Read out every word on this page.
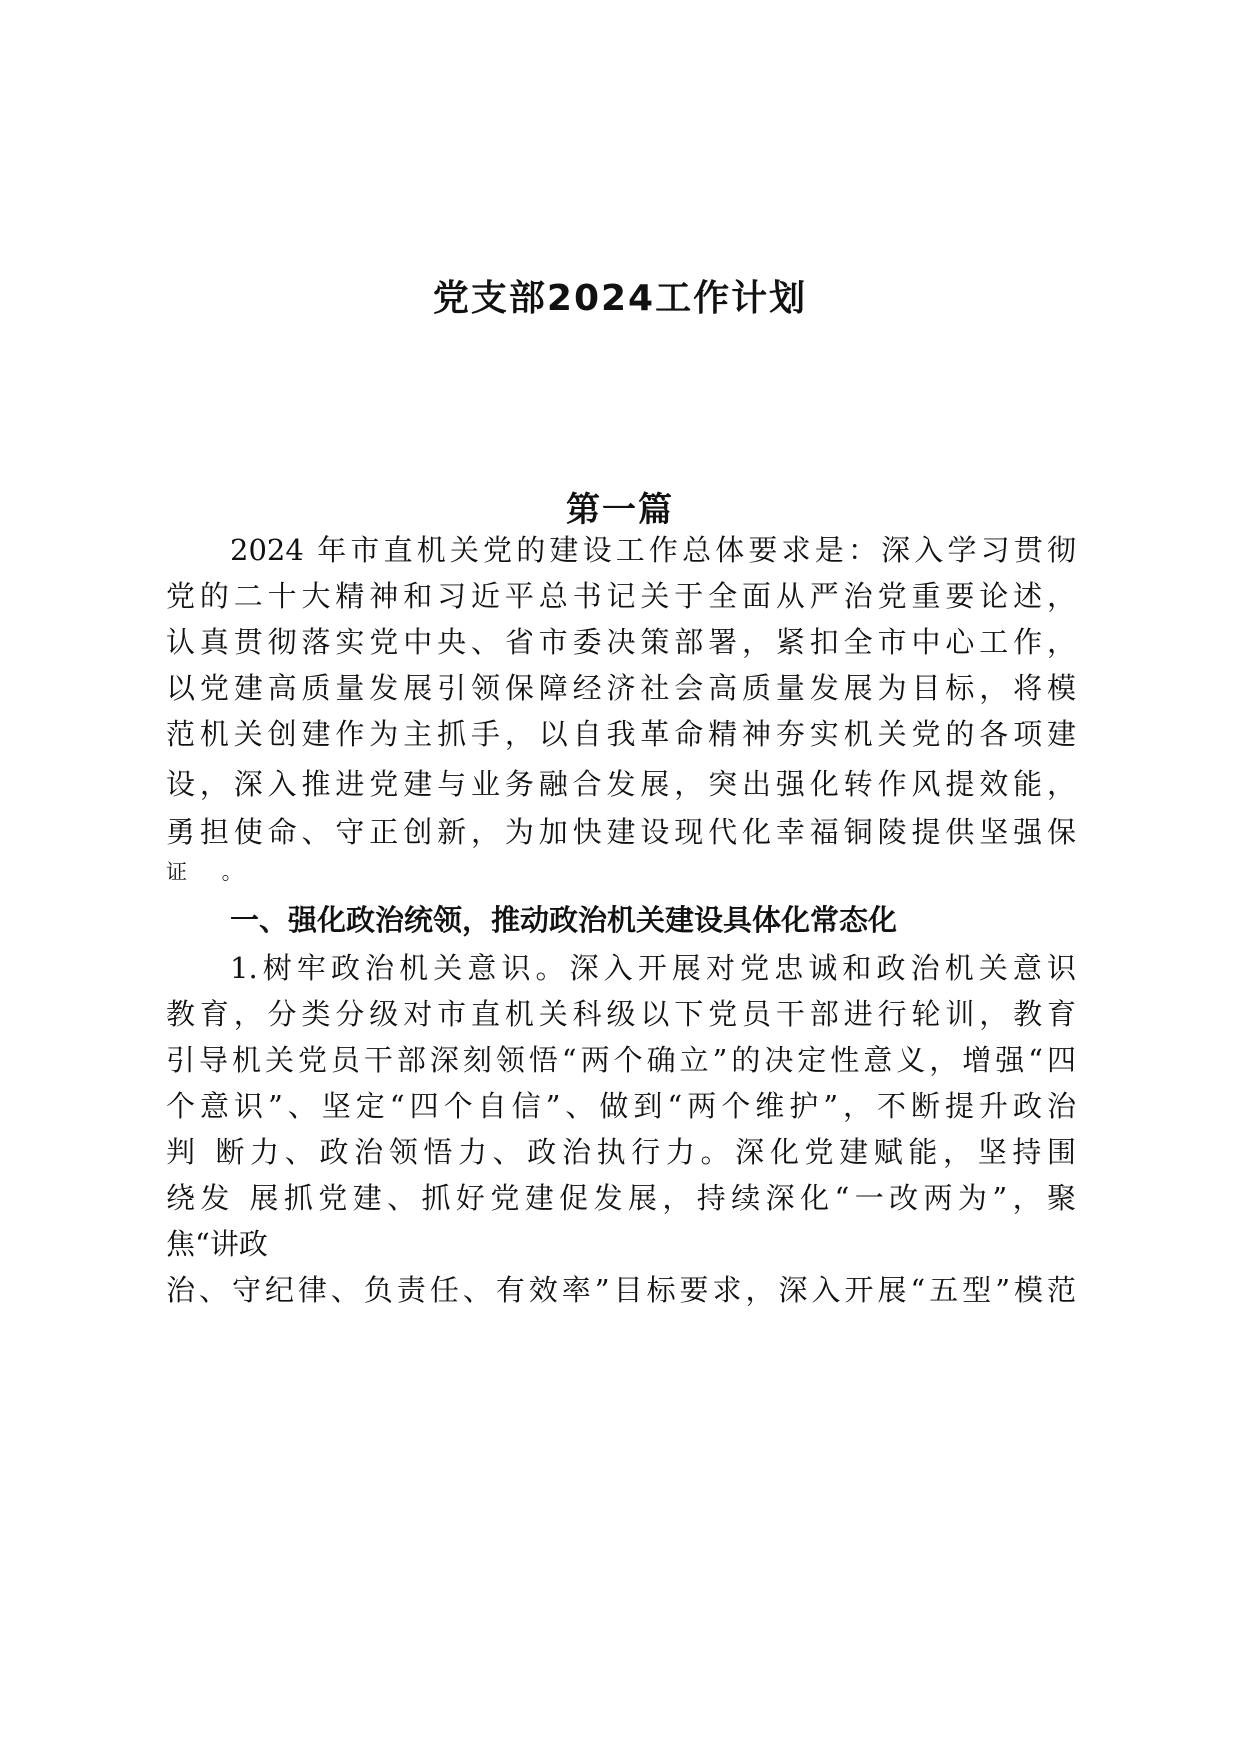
党支部2024工作计划
第一篇

2024 年市直机关党的建设工作总体要求是：深入学习贯彻

党的二十大精神和习近平总书记关于全面从严治党重要论述，

认真贯彻落实党中央、省市委决策部署，紧扣全市中心工作，

以党建高质量发展引领保障经济社会高质量发展为目标，将模

范机关创建作为主抓手，以自我革命精神夯实机关党的各项建

设，深入推进党建与业务融合发展，突出强化转作风提效能，

勇担使命、守正创新，为加快建设现代化幸福铜陵提供坚强保

证 。

一、强化政治统领，推动政治机关建设具体化常态化

1.树牢政治机关意识。深入开展对党忠诚和政治机关意识

教育，分类分级对市直机关科级以下党员干部进行轮训，教育

引导机关党员干部深刻领悟“两个确立”的决定性意义，增强“四

个意识”、坚定“四个自信”、做到“两个维护”，不断提升政治

判 断力、政治领悟力、政治执行力。深化党建赋能，坚持围

绕发 展抓党建、抓好党建促发展，持续深化“一改两为”，聚

焦“讲政

治、守纪律、负责任、有效率”目标要求，深入开展“五型”模范
